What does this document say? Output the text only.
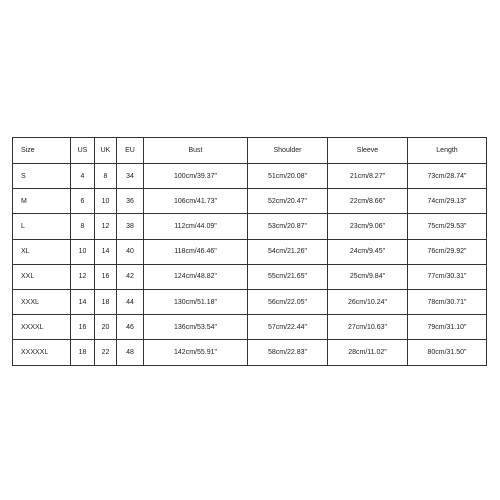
Size	US	UK	EU	Bust	Shoulder	Sleeve	Length
S	4	8	34	100cm/39.37"	51cm/20.08"	21cm/8.27"	73cm/28.74"
M	6	10	36	106cm/41.73"	52cm/20.47"	22cm/8.66"	74cm/29.13"
L	8	12	38	112cm/44.09"	53cm/20.87"	23cm/9.06"	75cm/29.53"
XL	10	14	40	118cm/46.46"	54cm/21.26"	24cm/9.45"	76cm/29.92"
XXL	12	16	42	124cm/48.82"	55cm/21.65"	25cm/9.84"	77cm/30.31"
XXXL	14	18	44	130cm/51.18"	56cm/22.05"	26cm/10.24"	78cm/30.71"
XXXXL	16	20	46	136cm/53.54"	57cm/22.44"	27cm/10.63"	79cm/31.10"
XXXXXL	18	22	48	142cm/55.91"	58cm/22.83"	28cm/11.02"	80cm/31.50"
